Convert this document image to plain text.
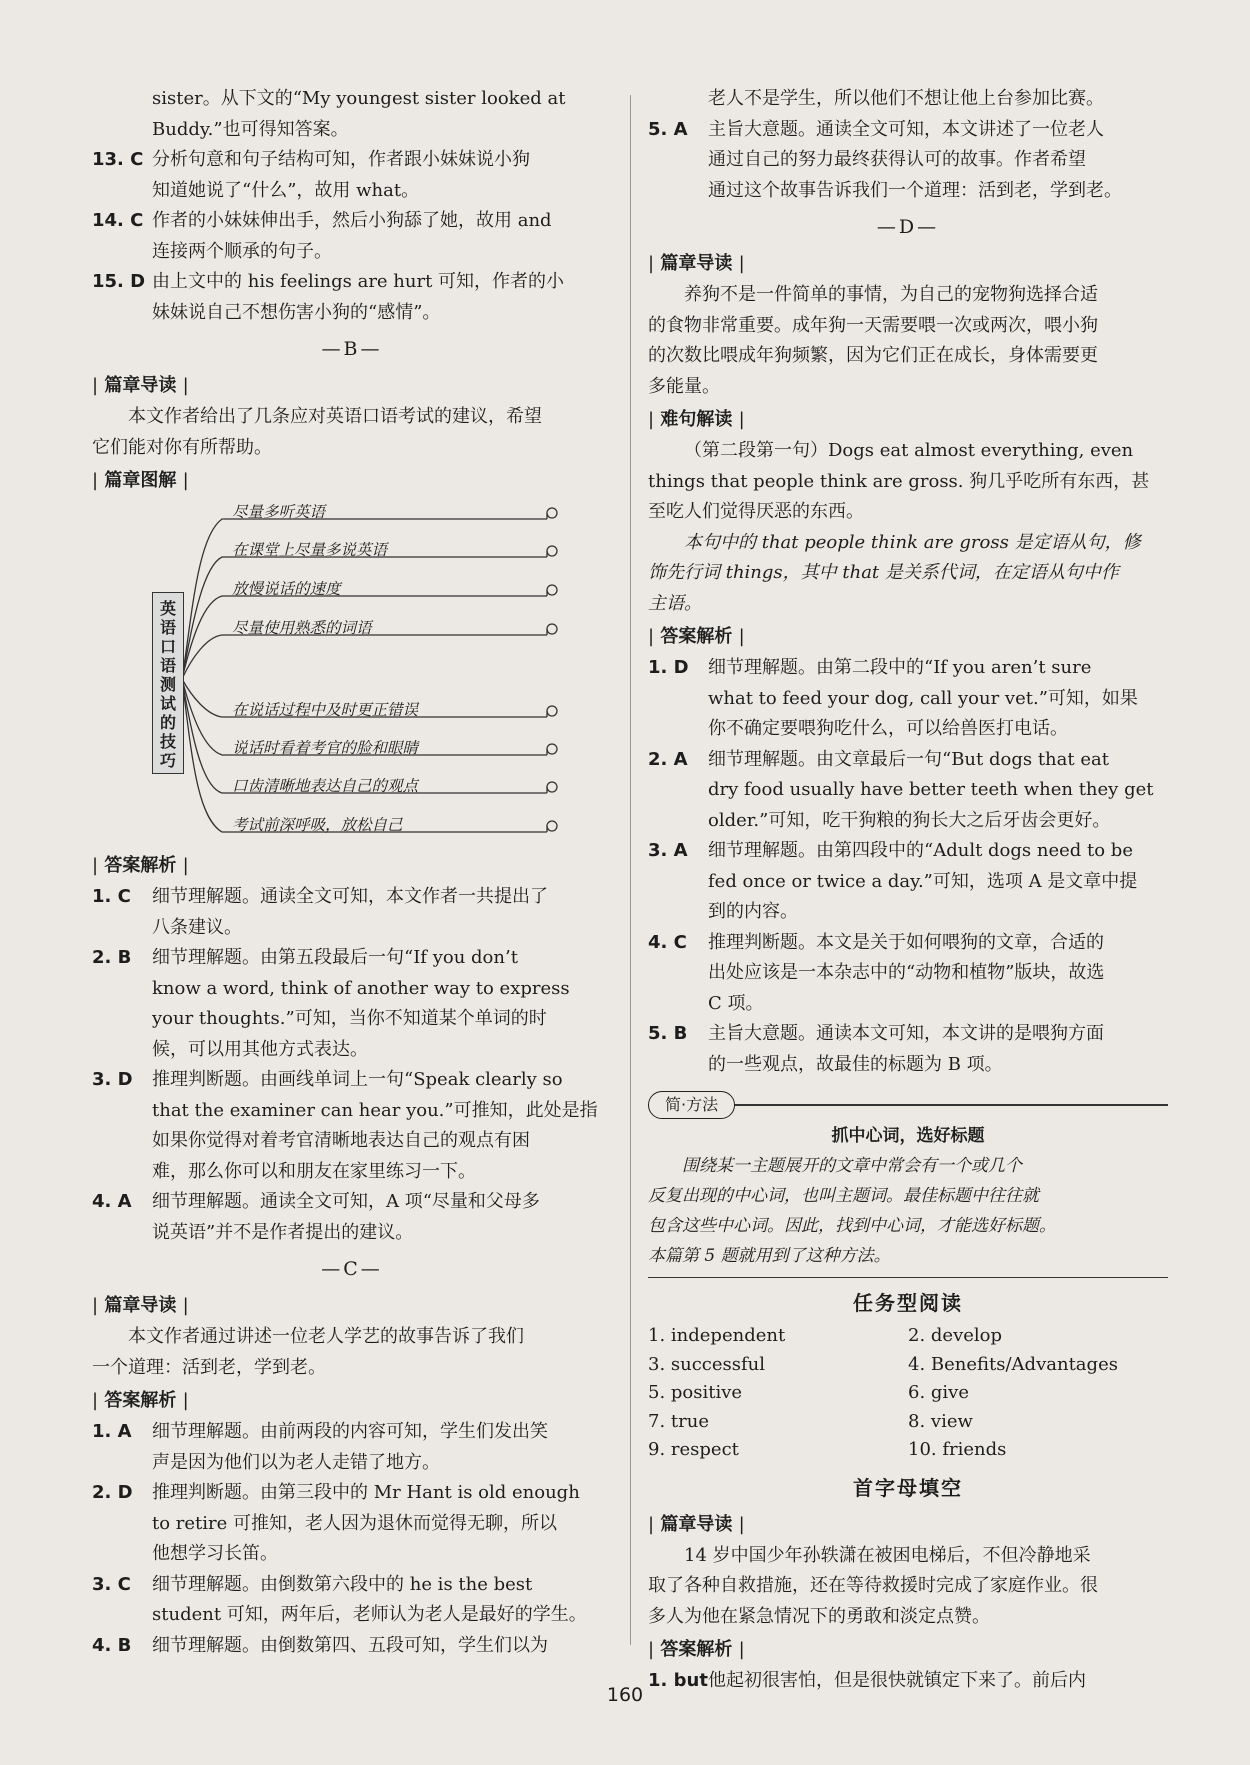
sister。从下文的“My youngest sister looked at

Buddy.”也可得知答案。

13. C 分析句意和句子结构可知，作者跟小妹妹说小狗

知道她说了“什么”，故用 what。

14. C 作者的小妹妹伸出手，然后小狗舔了她，故用 and

连接两个顺承的句子。

15. D 由上文中的 his feelings are hurt 可知，作者的小

妹妹说自己不想伤害小狗的“感情”。

—B—
| 篇章导读 |

本文作者给出了几条应对英语口语考试的建议，希望

它们能对你有所帮助。

| 篇章图解 |
英语口语测试的技巧
尽量多听英语
在课堂上尽量多说英语
放慢说话的速度
尽量使用熟悉的词语
在说话过程中及时更正错误
说话时看着考官的脸和眼睛
口齿清晰地表达自己的观点
考试前深呼吸，放松自己
| 答案解析 |
1. C 细节理解题。通读全文可知，本文作者一共提出了

八条建议。

2. B 细节理解题。由第五段最后一句“If you don’t

know a word, think of another way to express

your thoughts.”可知，当你不知道某个单词的时

候，可以用其他方式表达。

3. D 推理判断题。由画线单词上一句“Speak clearly so

that the examiner can hear you.”可推知，此处是指

如果你觉得对着考官清晰地表达自己的观点有困

难，那么你可以和朋友在家里练习一下。

4. A 细节理解题。通读全文可知，A 项“尽量和父母多

说英语”并不是作者提出的建议。

—C—
| 篇章导读 |

本文作者通过讲述一位老人学艺的故事告诉了我们

一个道理：活到老，学到老。

| 答案解析 |
1. A 细节理解题。由前两段的内容可知，学生们发出笑

声是因为他们以为老人走错了地方。

2. D 推理判断题。由第三段中的 Mr Hant is old enough

to retire 可推知，老人因为退休而觉得无聊，所以

他想学习长笛。

3. C 细节理解题。由倒数第六段中的 he is the best

student 可知，两年后，老师认为老人是最好的学生。

4. B 细节理解题。由倒数第四、五段可知，学生们以为

老人不是学生，所以他们不想让他上台参加比赛。

5. A 主旨大意题。通读全文可知，本文讲述了一位老人

通过自己的努力最终获得认可的故事。作者希望

通过这个故事告诉我们一个道理：活到老，学到老。

—D—
| 篇章导读 |

养狗不是一件简单的事情，为自己的宠物狗选择合适

的食物非常重要。成年狗一天需要喂一次或两次，喂小狗

的次数比喂成年狗频繁，因为它们正在成长，身体需要更

多能量。

| 难句解读 |

（第二段第一句）Dogs eat almost everything, even

things that people think are gross. 狗几乎吃所有东西，甚

至吃人们觉得厌恶的东西。

本句中的 that people think are gross 是定语从句，修

饰先行词 things，其中 that 是关系代词，在定语从句中作

主语。

| 答案解析 |
1. D 细节理解题。由第二段中的“If you aren’t sure

what to feed your dog, call your vet.”可知，如果

你不确定要喂狗吃什么，可以给兽医打电话。

2. A 细节理解题。由文章最后一句“But dogs that eat

dry food usually have better teeth when they get

older.”可知，吃干狗粮的狗长大之后牙齿会更好。

3. A 细节理解题。由第四段中的“Adult dogs need to be

fed once or twice a day.”可知，选项 A 是文章中提

到的内容。

4. C 推理判断题。本文是关于如何喂狗的文章，合适的

出处应该是一本杂志中的“动物和植物”版块，故选

C 项。

5. B 主旨大意题。通读本文可知，本文讲的是喂狗方面

的一些观点，故最佳的标题为 B 项。

简·方法
抓中心词，选好标题

围绕某一主题展开的文章中常会有一个或几个

反复出现的中心词，也叫主题词。最佳标题中往往就

包含这些中心词。因此，找到中心词，才能选好标题。

本篇第 5 题就用到了这种方法。

任务型阅读
1. independent	2. develop
3. successful	4. Benefits/Advantages
5. positive	6. give
7. true	8. view
9. respect	10. friends
首字母填空
| 篇章导读 |

14 岁中国少年孙轶潇在被困电梯后，不但冷静地采

取了各种自救措施，还在等待救援时完成了家庭作业。很

多人为他在紧急情况下的勇敢和淡定点赞。

| 答案解析 |
1. but 他起初很害怕，但是很快就镇定下来了。前后内

160
